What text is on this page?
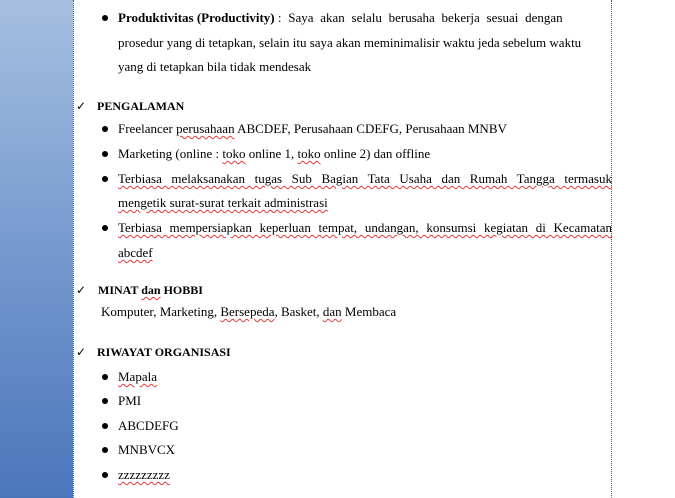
Produktivitas (Productivity) : Saya akan selalu berusaha bekerja sesuai dengan
prosedur yang di tetapkan, selain itu saya akan meminimalisir waktu jeda sebelum waktu
yang di tetapkan bila tidak mendesak
✓ PENGALAMAN
Freelancer perusahaan ABCDEF, Perusahaan CDEFG, Perusahaan MNBV
Marketing (online : toko online 1, toko online 2) dan offline
Terbiasa melaksanakan tugas Sub Bagian Tata Usaha dan Rumah Tangga termasuk
mengetik surat-surat terkait administrasi
Terbiasa mempersiapkan keperluan tempat, undangan, konsumsi kegiatan di Kecamatan
abcdef
✓ MINAT dan HOBBI
Komputer, Marketing, Bersepeda, Basket, dan Membaca
✓ RIWAYAT ORGANISASI
Mapala
PMI
ABCDEFG
MNBVCX
zzzzzzzzz
